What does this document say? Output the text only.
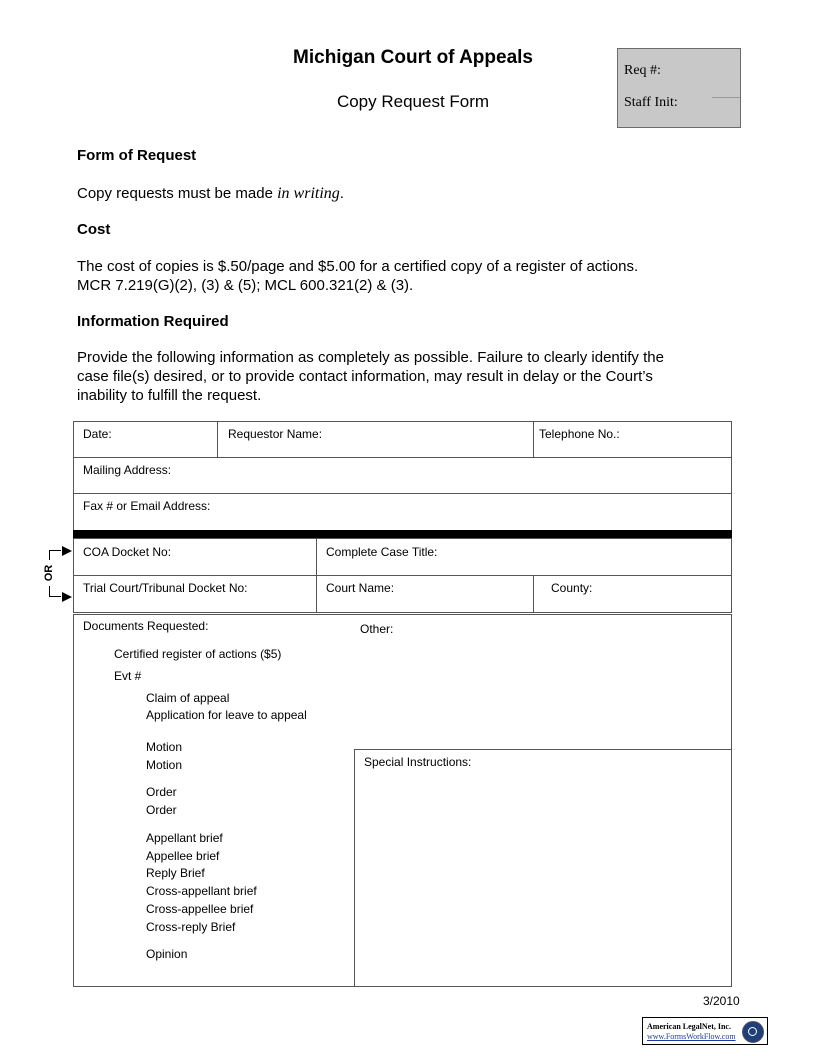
Michigan Court of Appeals
Copy Request Form
Req #:
Staff Init:
Form of Request
Copy requests must be made in writing.
Cost
The cost of copies is $.50/page and $5.00 for a certified copy of a register of actions.
MCR 7.219(G)(2), (3) & (5); MCL 600.321(2) & (3).
Information Required
Provide the following information as completely as possible. Failure to clearly identify the
case file(s) desired, or to provide contact information, may result in delay or the Court’s
inability to fulfill the request.
Date:	Requestor Name:	Telephone No.:
Mailing Address:
Fax # or Email Address:
COA Docket No:	Complete Case Title:
Trial Court/Tribunal Docket No:	Court Name:	County:
OR
Documents Requested:	Other:
Special Instructions:
Certified register of actions ($5)
Evt #
Claim of appeal
Application for leave to appeal
Motion
Motion
Order
Order
Appellant brief
Appellee brief
Reply Brief
Cross-appellant brief
Cross-appellee brief
Cross-reply Brief
Opinion
3/2010
American LegalNet, Inc.
www.FormsWorkFlow.com
